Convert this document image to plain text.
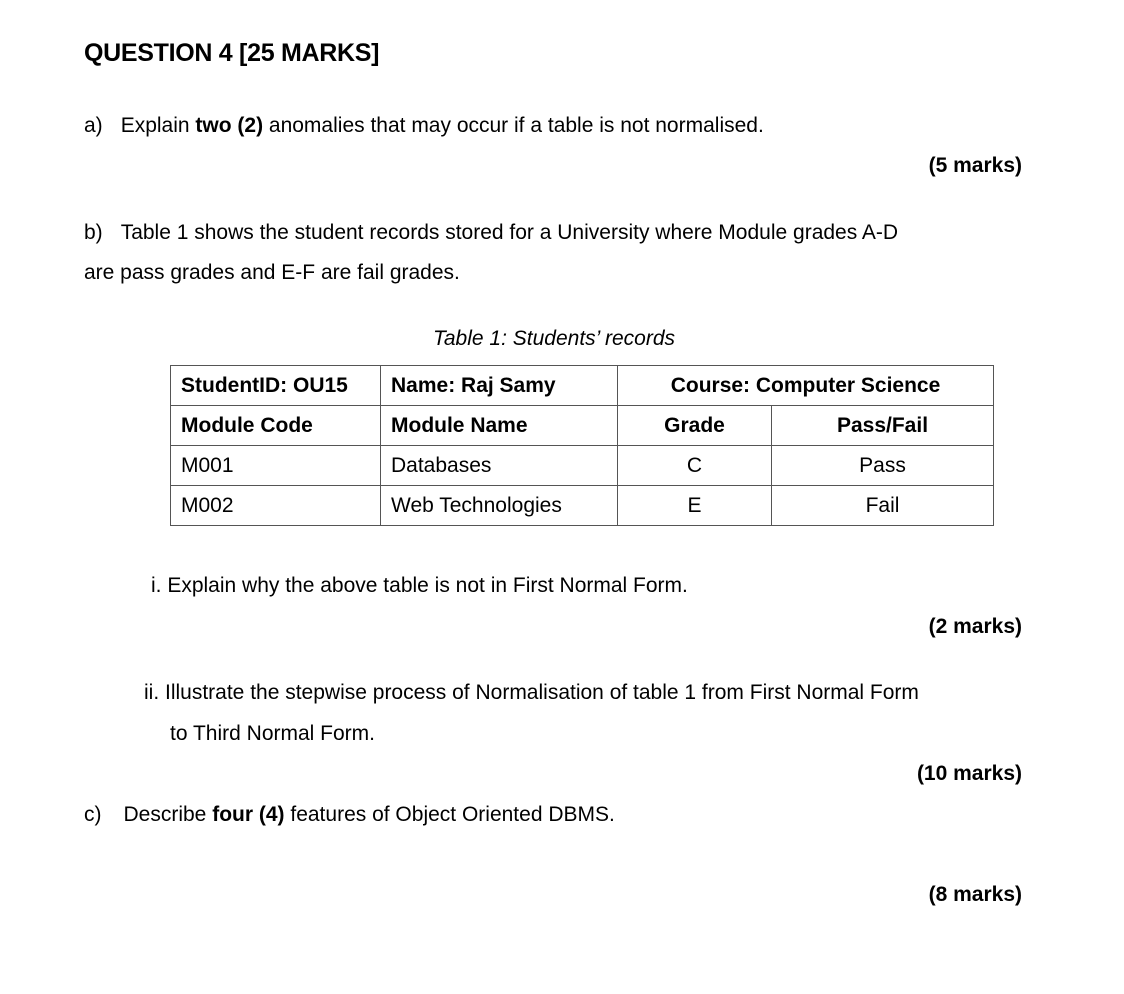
QUESTION 4 [25 MARKS]
a) Explain two (2) anomalies that may occur if a table is not normalised.
(5 marks)
b) Table 1 shows the student records stored for a University where Module grades A-D
are pass grades and E-F are fail grades.
Table 1: Students’ records
StudentID: OU15	Name: Raj Samy	Course: Computer Science	
Module Code	Module Name	Grade	Pass/Fail
M001	Databases	C	Pass
M002	Web Technologies	E	Fail
i. Explain why the above table is not in First Normal Form.
(2 marks)
ii. Illustrate the stepwise process of Normalisation of table 1 from First Normal Form
to Third Normal Form.
(10 marks)
c) Describe four (4) features of Object Oriented DBMS.
(8 marks)
